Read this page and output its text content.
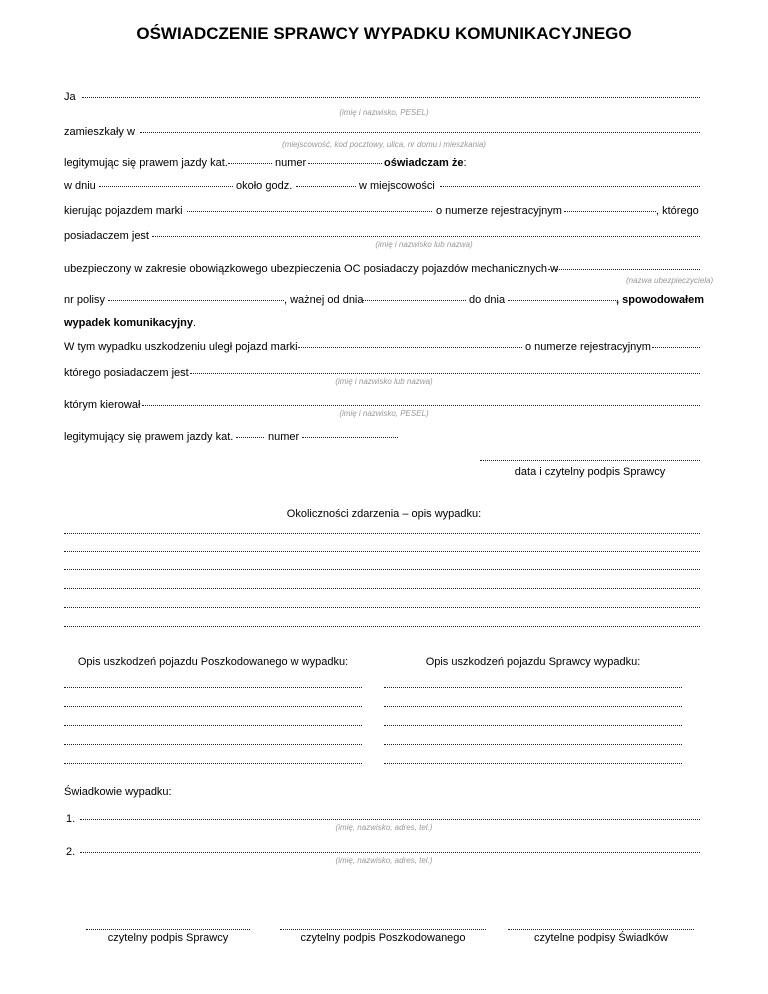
OŚWIADCZENIE SPRAWCY WYPADKU KOMUNIKACYJNEGO
Ja
(imię i nazwisko, PESEL)
zamieszkały w
(miejscowość, kod pocztowy, ulica, nr domu i mieszkania)
legitymując się prawem jazdy kat.	numer	oświadczam że:
w dniu	około godz.	w miejscowości
kierując pojazdem marki	o numerze rejestracyjnym	, którego
posiadaczem jest
(imię i nazwisko lub nazwa)
ubezpieczony w zakresie obowiązkowego ubezpieczenia OC posiadaczy pojazdów mechanicznych w
(nazwa ubezpieczyciela)
nr polisy	, ważnej od dnia	do dnia	, spowodowałem
wypadek komunikacyjny.
W tym wypadku uszkodzeniu uległ pojazd marki	o numerze rejestracyjnym
którego posiadaczem jest
(imię i nazwisko lub nazwa)
którym kierował
(imię i nazwisko, PESEL)
legitymujący się prawem jazdy kat.	numer
data i czytelny podpis Sprawcy
Okoliczności zdarzenia – opis wypadku:
Opis uszkodzeń pojazdu Poszkodowanego w wypadku:	Opis uszkodzeń pojazdu Sprawcy wypadku:
Świadkowie wypadku:
1.
(imię, nazwisko, adres, tel.)
2.
(imię, nazwisko, adres, tel.)
czytelny podpis Sprawcy	czytelny podpis Poszkodowanego	czytelne podpisy Świadków
